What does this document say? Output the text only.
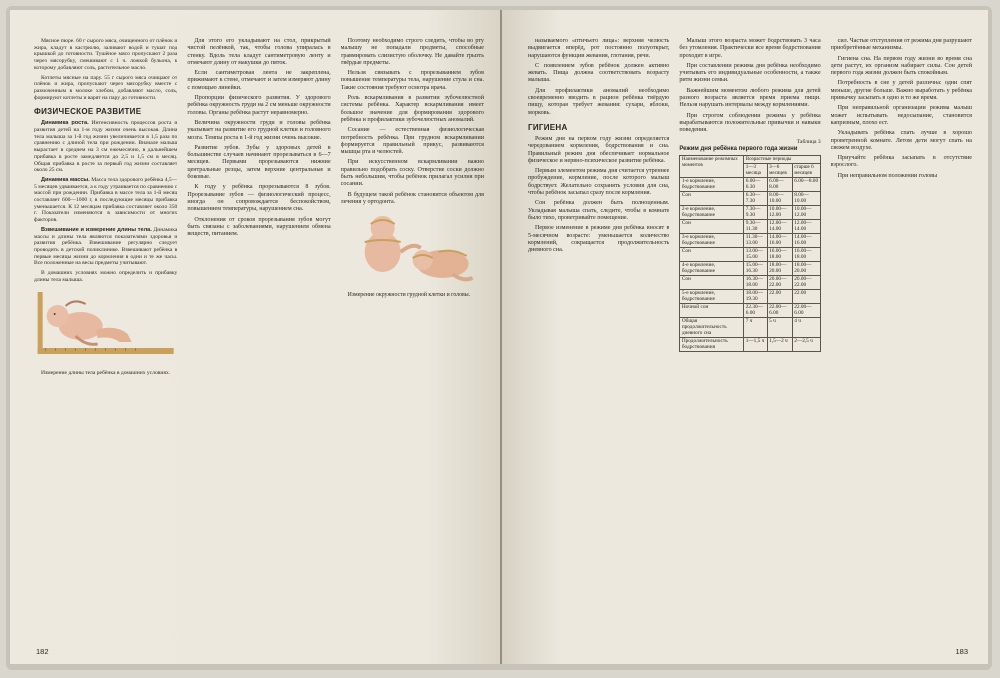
Мясное пюре. 60 г сырого мяса, очищенного от плёнок и жира, кладут в кастрюлю, заливают водой и тушат под крышкой до готовности. Тушёное мясо пропускают 2 раза через мясорубку, смешивают с 1 ч. ложкой бульона, к которому добавляют соль, растительное масло.

Котлеты мясные на пару. 55 г сырого мяса очищают от плёнок и жира, пропускают через мясорубку вместе с размоченным в молоке хлебом, добавляют масло, соль, формируют котлеты и варят на пару до готовности.

ФИЗИЧЕСКОЕ РАЗВИТИЕ

Динамика роста. Интенсивность процессов роста и развития детей на 1-м году жизни очень высокая. Длина тела малыша за 1-й год жизни увеличивается в 1,5 раза по сравнению с длиной тела при рождении. Вначале малыш вырастает в среднем на 3 см ежемесячно, в дальнейшем прибавка в росте замедляется до 2,5 и 1,5 см в месяц. Общая прибавка в росте за первый год жизни составляет около 25 см.

Динамика массы. Масса тела здорового ребёнка 4,5—5 месяцев удваивается, а к году утраивается по сравнению с массой при рождении. Прибавка в массе тела за 1-й месяц составляет 600—1000 г, в последующие месяцы прибавка уменьшается. К 12 месяцам прибавка составляет около 350 г. Показатели изменяются в зависимости от многих факторов.

Взвешивание и измерение длины тела. Динамика массы и длины тела являются показателями здоровья и развития ребёнка. Взвешивание регулярно следует проводить в детской поликлинике. Взвешивают ребёнка в первые месяцы жизни до кормления в одни и те же часы. Все положенные на весы предметы учитывают.

В домашних условиях можно определить и прибавку длины тела малыша.

Измерение длины тела ребёнка в домашних условиях.

Для этого его укладывают на стол, прикрытый чистой пелёнкой, так, чтобы голова упиралась в стенку. Вдоль тела кладут сантиметровую ленту и отмечают длину от макушки до пяток.

Если сантиметровая лента не закреплена, прижимают к стене, отмечают и затем измеряют длину с помощью линейки.

Пропорции физического развития. У здорового ребёнка окружность груди на 2 см меньше окружности головы. Органы ребёнка растут неравномерно.

Величина окружности груди и головы ребёнка указывает на развитие его грудной клетки и головного мозга. Темпы роста в 1-й год жизни очень высокие.

Развитие зубов. Зубы у здоровых детей в большинстве случаев начинают прорезываться в 6—7 месяцев. Первыми прорезываются нижние центральные резцы, затем верхние центральные и боковые.

К году у ребёнка прорезываются 8 зубов. Прорезывание зубов — физиологический процесс, иногда он сопровождается беспокойством, повышением температуры, нарушением сна.

Отклонения от сроков прорезывания зубов могут быть связаны с заболеваниями, нарушением обмена веществ, питанием.

Поэтому необходимо строго следить, чтобы во рту малышу не попадали предметы, способные травмировать слизистую оболочку. Не давайте грызть твёрдые предметы.

Нельзя связывать с прорезыванием зубов повышение температуры тела, нарушение стула и сна. Такие состояния требуют осмотра врача.

Роль вскармливания в развитии зубочелюстной системы ребёнка. Характер вскармливания имеет большое значение для формирования здорового ребёнка и профилактики зубочелюстных аномалий.

Сосание — естественная физиологическая потребность ребёнка. При грудном вскармливании формируется правильный прикус, развиваются мышцы рта и челюстей.

При искусственном вскармливании важно правильно подобрать соску. Отверстие соски должно быть небольшим, чтобы ребёнок прилагал усилия при сосании.

В будущем такой ребёнок становится объектом для лечения у ортодонта.

Измерение окружности грудной клетки и головы.

182

называемого «птичьего лица»: верхняя челюсть выдвигается вперёд, рот постоянно полуоткрыт, нарушаются функции жевания, глотания, речи.

С появлением зубов ребёнок должен активно жевать. Пища должна соответствовать возрасту малыша.

Для профилактики аномалий необходимо своевременно вводить в рацион ребёнка твёрдую пищу, которая требует жевания: сухари, яблоки, морковь.

ГИГИЕНА

Режим дня на первом году жизни определяется чередованием кормления, бодрствования и сна. Правильный режим дня обеспечивает нормальное физическое и нервно-психическое развитие ребёнка.

Первым элементом режима дня считается утреннее пробуждение, кормление, после которого малыш бодрствует. Желательно сохранять условия для сна, чтобы ребёнок засыпал сразу после кормления.

Сон ребёнка должен быть полноценным. Укладывая малыша спать, следите, чтобы в комнате было тихо, проветривайте помещение.

Первое изменение в режиме дня ребёнка вносят в 5-месячном возрасте: уменьшается количество кормлений, сокращается продолжительность дневного сна.

Малыш этого возраста может бодрствовать 3 часа без утомления. Практически все время бодрствования проходит в игре.

При составлении режима дня ребёнка необходимо учитывать его индивидуальные особенности, а также ритм жизни семьи.

Важнейшим моментом любого режима для детей разного возраста является время приема пищи. Нельзя нарушать интервалы между кормлениями.

При строгом соблюдении режима у ребёнка вырабатываются положительные привычки и навыки поведения.

Таблица 3
Режим дня ребёнка первого года жизни
Наименование режимных моментов	Возрастные периоды		
	1—3 месяца	3—6 месяцев	старше 6 месяцев
1-е кормление, бодрствование	6.00—6.30	6.00—8.00	6.00—8.00
Сон	6.30—7.30	8.00—10.00	8.00—10.00
2-е кормление, бодрствование	7.30—9.30	10.00—12.00	10.00—12.00
Сон	9.30—11.30	12.00—14.00	12.00—14.00
3-е кормление, бодрствование	11.30—13.00	14.00—16.00	14.00—16.00
Сон	13.00—15.00	16.00—18.00	16.00—18.00
4-е кормление, бодрствование	15.00—16.30	18.00—20.00	18.00—20.00
Сон	16.30—18.00	20.00—22.00	20.00—22.00
5-е кормление, бодрствование	18.00—19.30	22.00	22.00
Ночной сон	22.30—6.00	22.00—6.00	22.00—6.00
Общая продолжительность дневного сна	7 ч	5 ч	4 ч
Продолжительность бодрствования	1—1,5 ч	1,5—2 ч	2—2,5 ч

сил. Частые отступления от режима дня разрушают приобретённые механизмы.

Гигиена сна. На первом году жизни во время сна дети растут, их организм набирает силы. Сон детей первого года жизни должен быть спокойным.

Потребность в сне у детей различна: одни спят меньше, другие больше. Важно выработать у ребёнка привычку засыпать в одно и то же время.

При неправильной организации режима малыш может испытывать недосыпание, становится капризным, плохо ест.

Укладывать ребёнка спать лучше в хорошо проветренной комнате. Летом дети могут спать на свежем воздухе.

Приучайте ребёнка засыпать в отсутствие взрослого.

При неправильном положении головы

183
